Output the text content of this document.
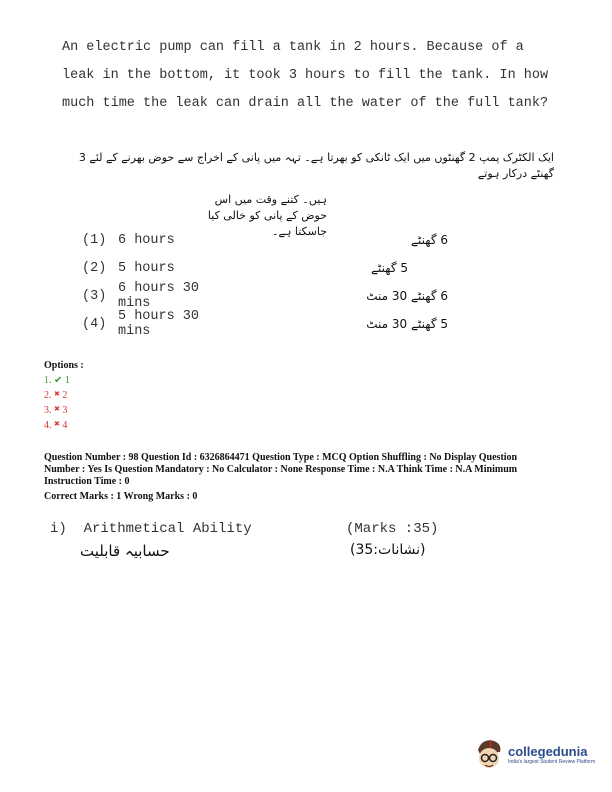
An electric pump can fill a tank in 2 hours. Because of a leak in the bottom, it took 3 hours to fill the tank. In how much time the leak can drain all the water of the full tank?
ایک الکٹرک پمپ 2 گھنٹوں میں ایک ٹانکی کو بھرتا ہے۔ تہہ میں پانی کے اخراج سے حوض بھرنے کے لئے 3 گھنٹے درکار ہوتے
ہیں۔ کتنے وقت میں اس حوض کے پانی کو خالی کیا جاسکتا ہے۔
(1) 6 hours	6 گھنٹے
(2) 5 hours	5 گھنٹے
(3) 6 hours 30 mins	6 گھنٹے 30 منٹ
(4) 5 hours 30 mins	5 گھنٹے 30 منٹ
Options :
1. ✔ 1
2. ✖ 2
3. ✖ 3
4. ✖ 4
Question Number : 98 Question Id : 6326864471 Question Type : MCQ Option Shuffling : No Display Question Number : Yes Is Question Mandatory : No Calculator : None Response Time : N.A Think Time : N.A Minimum Instruction Time : 0
Correct Marks : 1 Wrong Marks : 0
i)  Arithmetical Ability	(Marks :35)
حسابیہ قابلیت	(نشانات:35)
collegedunia
India's largest Student Review Platform
